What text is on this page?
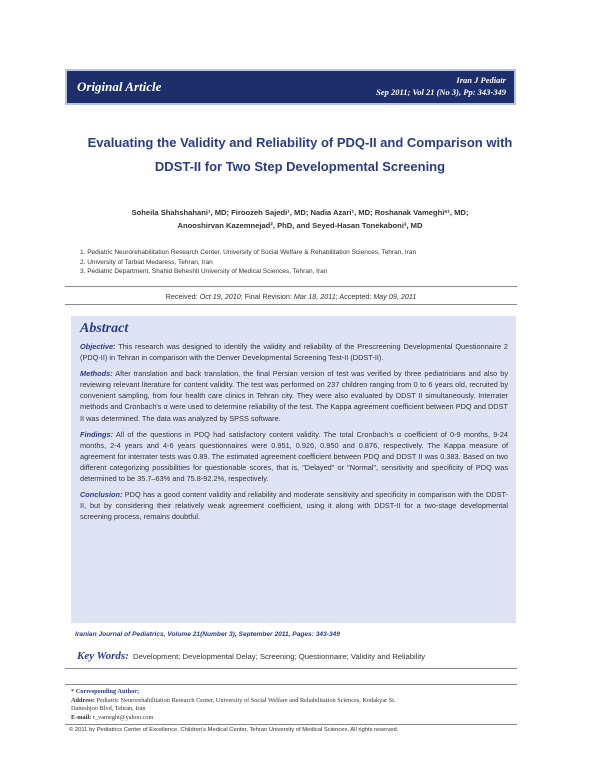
Original Article	Iran J Pediatr
Sep 2011; Vol 21 (No 3), Pp: 343-349
Evaluating the Validity and Reliability of PDQ-II and Comparison with
DDST-II for Two Step Developmental Screening
Soheila Shahshahani¹, MD; Firoozeh Sajedi¹, MD; Nadia Azari¹, MD; Roshanak Vameghi*¹, MD;
Anooshirvan Kazemnejad², PhD, and Seyed-Hasan Tonekaboni³, MD
1. Pediatric Neurorehabilitation Research Center, University of Social Welfare & Rehabilitation Sciences, Tehran, Iran
2. University of Tarbiat Medaress, Tehran, Iran
3. Pediatric Department, Shahid Beheshti University of Medical Sciences, Tehran, Iran
Received: Oct 19, 2010; Final Revision: Mar 18, 2011; Accepted: May 09, 2011
Abstract

Objective: This research was designed to identify the validity and reliability of the Prescreening Developmental Questionnaire 2 (PDQ-II) in Tehran in comparison with the Denver Developmental Screening Test-II (DDST-II).

Methods: After translation and back translation, the final Persian version of test was verified by three pediatricians and also by reviewing relevant literature for content validity. The test was performed on 237 children ranging from 0 to 6 years old, recruited by convenient sampling, from four health care clinics in Tehran city. They were also evaluated by DDST II simultaneously. Interrater methods and Cronbach's α were used to determine reliability of the test. The Kappa agreement coefficient between PDQ and DDST II was determined. The data was analyzed by SPSS software.

Findings: All of the questions in PDQ had satisfactory content validity. The total Cronbach's α coefficient of 0-9 months, 9-24 months, 2-4 years and 4-6 years questionnaires were 0.951, 0.926, 0.950 and 0.876, respectively. The Kappa measure of agreement for interrater tests was 0.89. The estimated agreement coefficient between PDQ and DDST II was 0.383. Based on two different categorizing possibilities for questionable scores, that is, "Delayed" or "Normal", sensitivity and specificity of PDQ was determined to be 35.7–63% and 75.8-92.2%, respectively.

Conclusion: PDQ has a good content validity and reliability and moderate sensitivity and specificity in comparison with the DDST-II, but by considering their relatively weak agreement coefficient, using it along with DDST-II for a two-stage developmental screening process, remains doubtful.

Iranian Journal of Pediatrics, Volume 21(Number 3), September 2011, Pages: 343-349
Key Words: Development; Developmental Delay; Screening; Questionnaire; Validity and Reliability
* Corresponding Author;
Address: Pediatric Neurorehabilitation Research Center, University of Social Welfare and Rehabilitation Sciences, Kodakyar St.
Daneshjoo Blvd, Tehran, Iran
E-mail: r_vameghi@yahoo.com
© 2011 by Pediatrics Center of Excellence, Children's Medical Center, Tehran University of Medical Sciences, All rights reserved.
